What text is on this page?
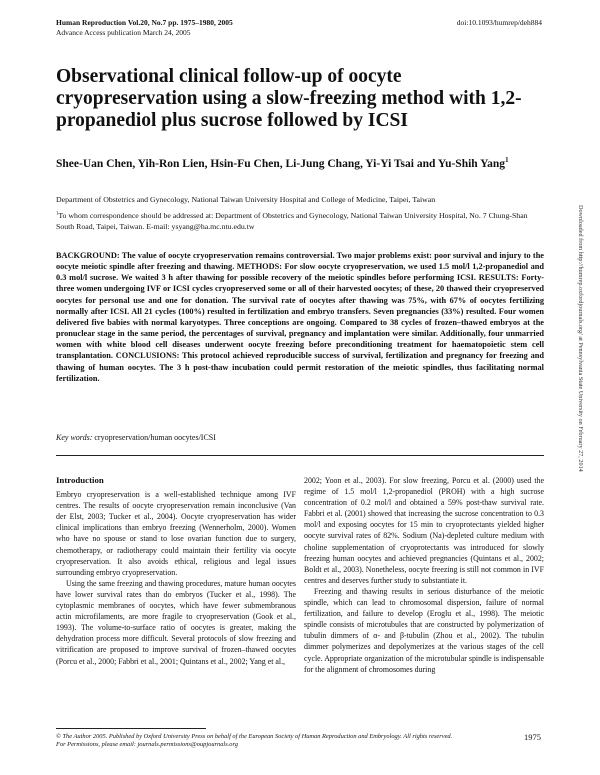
Human Reproduction Vol.20, No.7 pp. 1975–1980, 2005
Advance Access publication March 24, 2005
doi:10.1093/humrep/deh884
Observational clinical follow-up of oocyte cryopreservation using a slow-freezing method with 1,2-propanediol plus sucrose followed by ICSI
Shee-Uan Chen, Yih-Ron Lien, Hsin-Fu Chen, Li-Jung Chang, Yi-Yi Tsai and Yu-Shih Yang$^1$
Department of Obstetrics and Gynecology, National Taiwan University Hospital and College of Medicine, Taipei, Taiwan
$^1$To whom correspondence should be addressed at: Department of Obstetrics and Gynecology, National Taiwan University Hospital, No. 7 Chung-Shan South Road, Taipei, Taiwan. E-mail: ysyang@ha.mc.ntu.edu.tw
BACKGROUND: The value of oocyte cryopreservation remains controversial. Two major problems exist: poor survival and injury to the oocyte meiotic spindle after freezing and thawing. METHODS: For slow oocyte cryopreservation, we used 1.5 mol/l 1,2-propanediol and 0.3 mol/l sucrose. We waited 3 h after thawing for possible recovery of the meiotic spindles before performing ICSI. RESULTS: Forty-three women undergoing IVF or ICSI cycles cryopreserved some or all of their harvested oocytes; of these, 20 thawed their cryopreserved oocytes for personal use and one for donation. The survival rate of oocytes after thawing was 75%, with 67% of oocytes fertilizing normally after ICSI. All 21 cycles (100%) resulted in fertilization and embryo transfers. Seven pregnancies (33%) resulted. Four women delivered five babies with normal karyotypes. Three conceptions are ongoing. Compared to 38 cycles of frozen–thawed embryos at the pronuclear stage in the same period, the percentages of survival, pregnancy and implantation were similar. Additionally, four unmarried women with white blood cell diseases underwent oocyte freezing before preconditioning treatment for haematopoietic stem cell transplantation. CONCLUSIONS: This protocol achieved reproducible success of survival, fertilization and pregnancy for freezing and thawing of human oocytes. The 3 h post-thaw incubation could permit restoration of the meiotic spindles, thus facilitating normal fertilization.
Key words: cryopreservation/human oocytes/ICSI
Introduction

Embryo cryopreservation is a well-established technique among IVF centres. The results of oocyte cryopreservation remain inconclusive (Van der Elst, 2003; Tucker et al., 2004). Oocyte cryopreservation has wider clinical implications than embryo freezing (Wennerholm, 2000). Women who have no spouse or stand to lose ovarian function due to surgery, chemotherapy, or radiotherapy could maintain their fertility via oocyte cryopreservation. It also avoids ethical, religious and legal issues surrounding embryo cryopreservation.

Using the same freezing and thawing procedures, mature human oocytes have lower survival rates than do embryos (Tucker et al., 1998). The cytoplasmic membranes of oocytes, which have fewer submembranous actin microfilaments, are more fragile to cryopreservation (Gook et al., 1993). The volume-to-surface ratio of oocytes is greater, making the dehydration process more difficult. Several protocols of slow freezing and vitrification are proposed to improve survival of frozen–thawed oocytes (Porcu et al., 2000; Fabbri et al., 2001; Quintans et al., 2002; Yang et al.,

2002; Yoon et al., 2003). For slow freezing, Porcu et al. (2000) used the regime of 1.5 mol/l 1,2-propanediol (PROH) with a high sucrose concentration of 0.2 mol/l and obtained a 59% post-thaw survival rate. Fabbri et al. (2001) showed that increasing the sucrose concentration to 0.3 mol/l and exposing oocytes for 15 min to cryoprotectants yielded higher oocyte survival rates of 82%. Sodium (Na)-depleted culture medium with choline supplementation of cryoprotectants was introduced for slowly freezing human oocytes and achieved pregnancies (Quintans et al., 2002; Boldt et al., 2003). Nonetheless, oocyte freezing is still not common in IVF centres and deserves further study to substantiate it.

Freezing and thawing results in serious disturbance of the meiotic spindle, which can lead to chromosomal dispersion, failure of normal fertilization, and failure to develop (Eroglu et al., 1998). The meiotic spindle consists of microtubules that are constructed by polymerization of tubulin dimmers of α- and β-tubulin (Zhou et al., 2002). The tubulin dimmer polymerizes and depolymerizes at the various stages of the cell cycle. Appropriate organization of the microtubular spindle is indispensable for the alignment of chromosomes during

© The Author 2005. Published by Oxford University Press on behalf of the European Society of Human Reproduction and Embryology. All rights reserved.
For Permissions, please email: journals.permissions@oupjournals.org
1975
Downloaded from http://humrep.oxfordjournals.org/ at Pennsylvania State University on February 27, 2014
